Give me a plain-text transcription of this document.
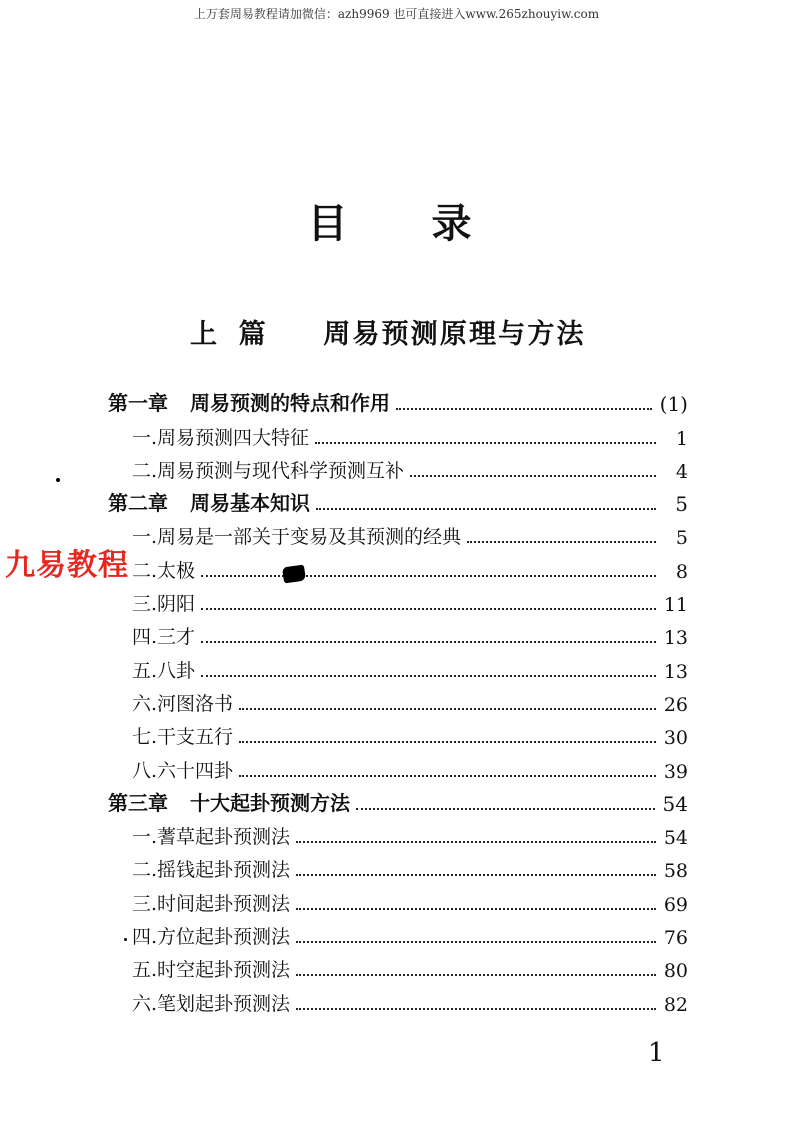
上万套周易教程请加微信：azh9969 也可直接进入www.265zhouyiw.com
目 录
上篇 周易预测原理与方法
第一章 周易预测的特点和作用	(1)
一.周易预测四大特征	1
二.周易预测与现代科学预测互补	4
第二章 周易基本知识	5
一.周易是一部关于变易及其预测的经典	5
二.太极	8
三.阴阳	11
四.三才	13
五.八卦	13
六.河图洛书	26
七.干支五行	30
八.六十四卦	39
第三章 十大起卦预测方法	54
一.蓍草起卦预测法	54
二.摇钱起卦预测法	58
三.时间起卦预测法	69
四.方位起卦预测法	76
五.时空起卦预测法	80
六.笔划起卦预测法	82
九易教程
1
